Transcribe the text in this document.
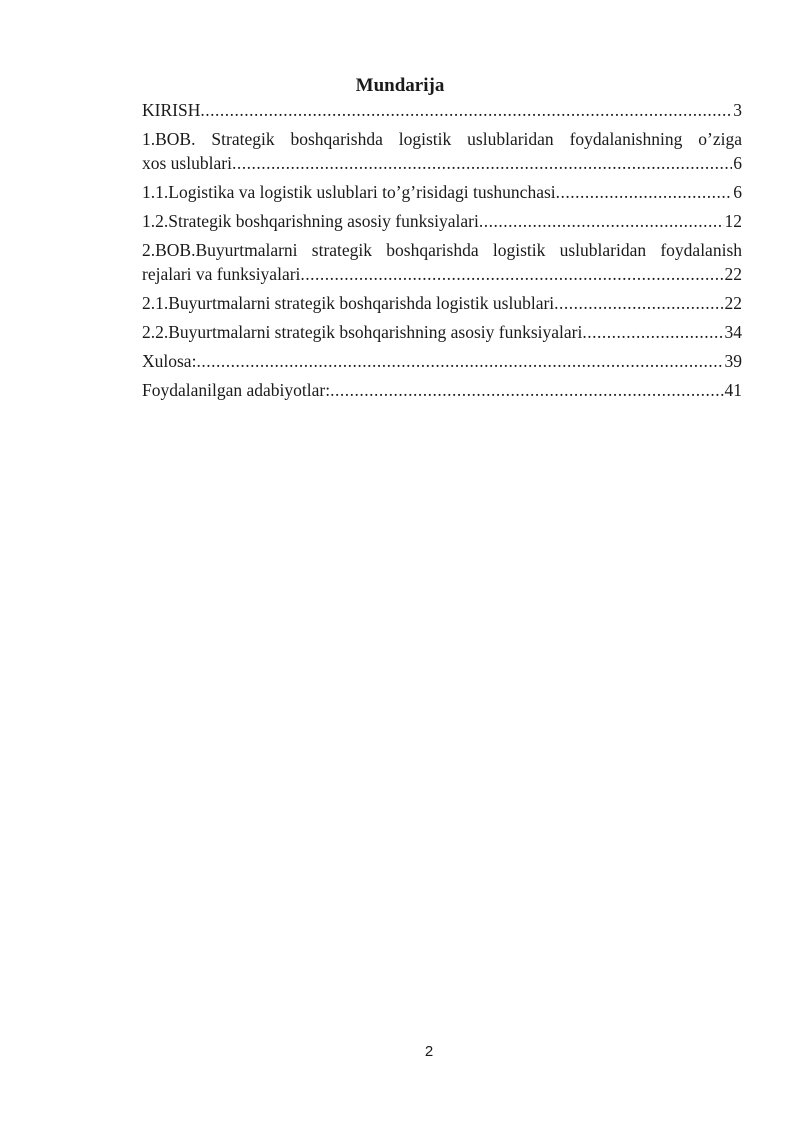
Mundarija
KIRISH .....	3
1.BOB. Strategik boshqarishda logistik uslublaridan foydalanishning o’ziga
xos uslublari .....	6
1.1.Logistika va logistik uslublari to’g’risidagi tushunchasi .....	6
1.2.Strategik boshqarishning asosiy funksiyalari .....	12
2.BOB.Buyurtmalarni strategik boshqarishda logistik uslublaridan foydalanish
rejalari va funksiyalari .....	22
2.1.Buyurtmalarni strategik boshqarishda logistik uslublari .....	22
2.2.Buyurtmalarni strategik bsohqarishning asosiy funksiyalari .....	34
Xulosa: .....	39
Foydalanilgan adabiyotlar: .....	41
2
